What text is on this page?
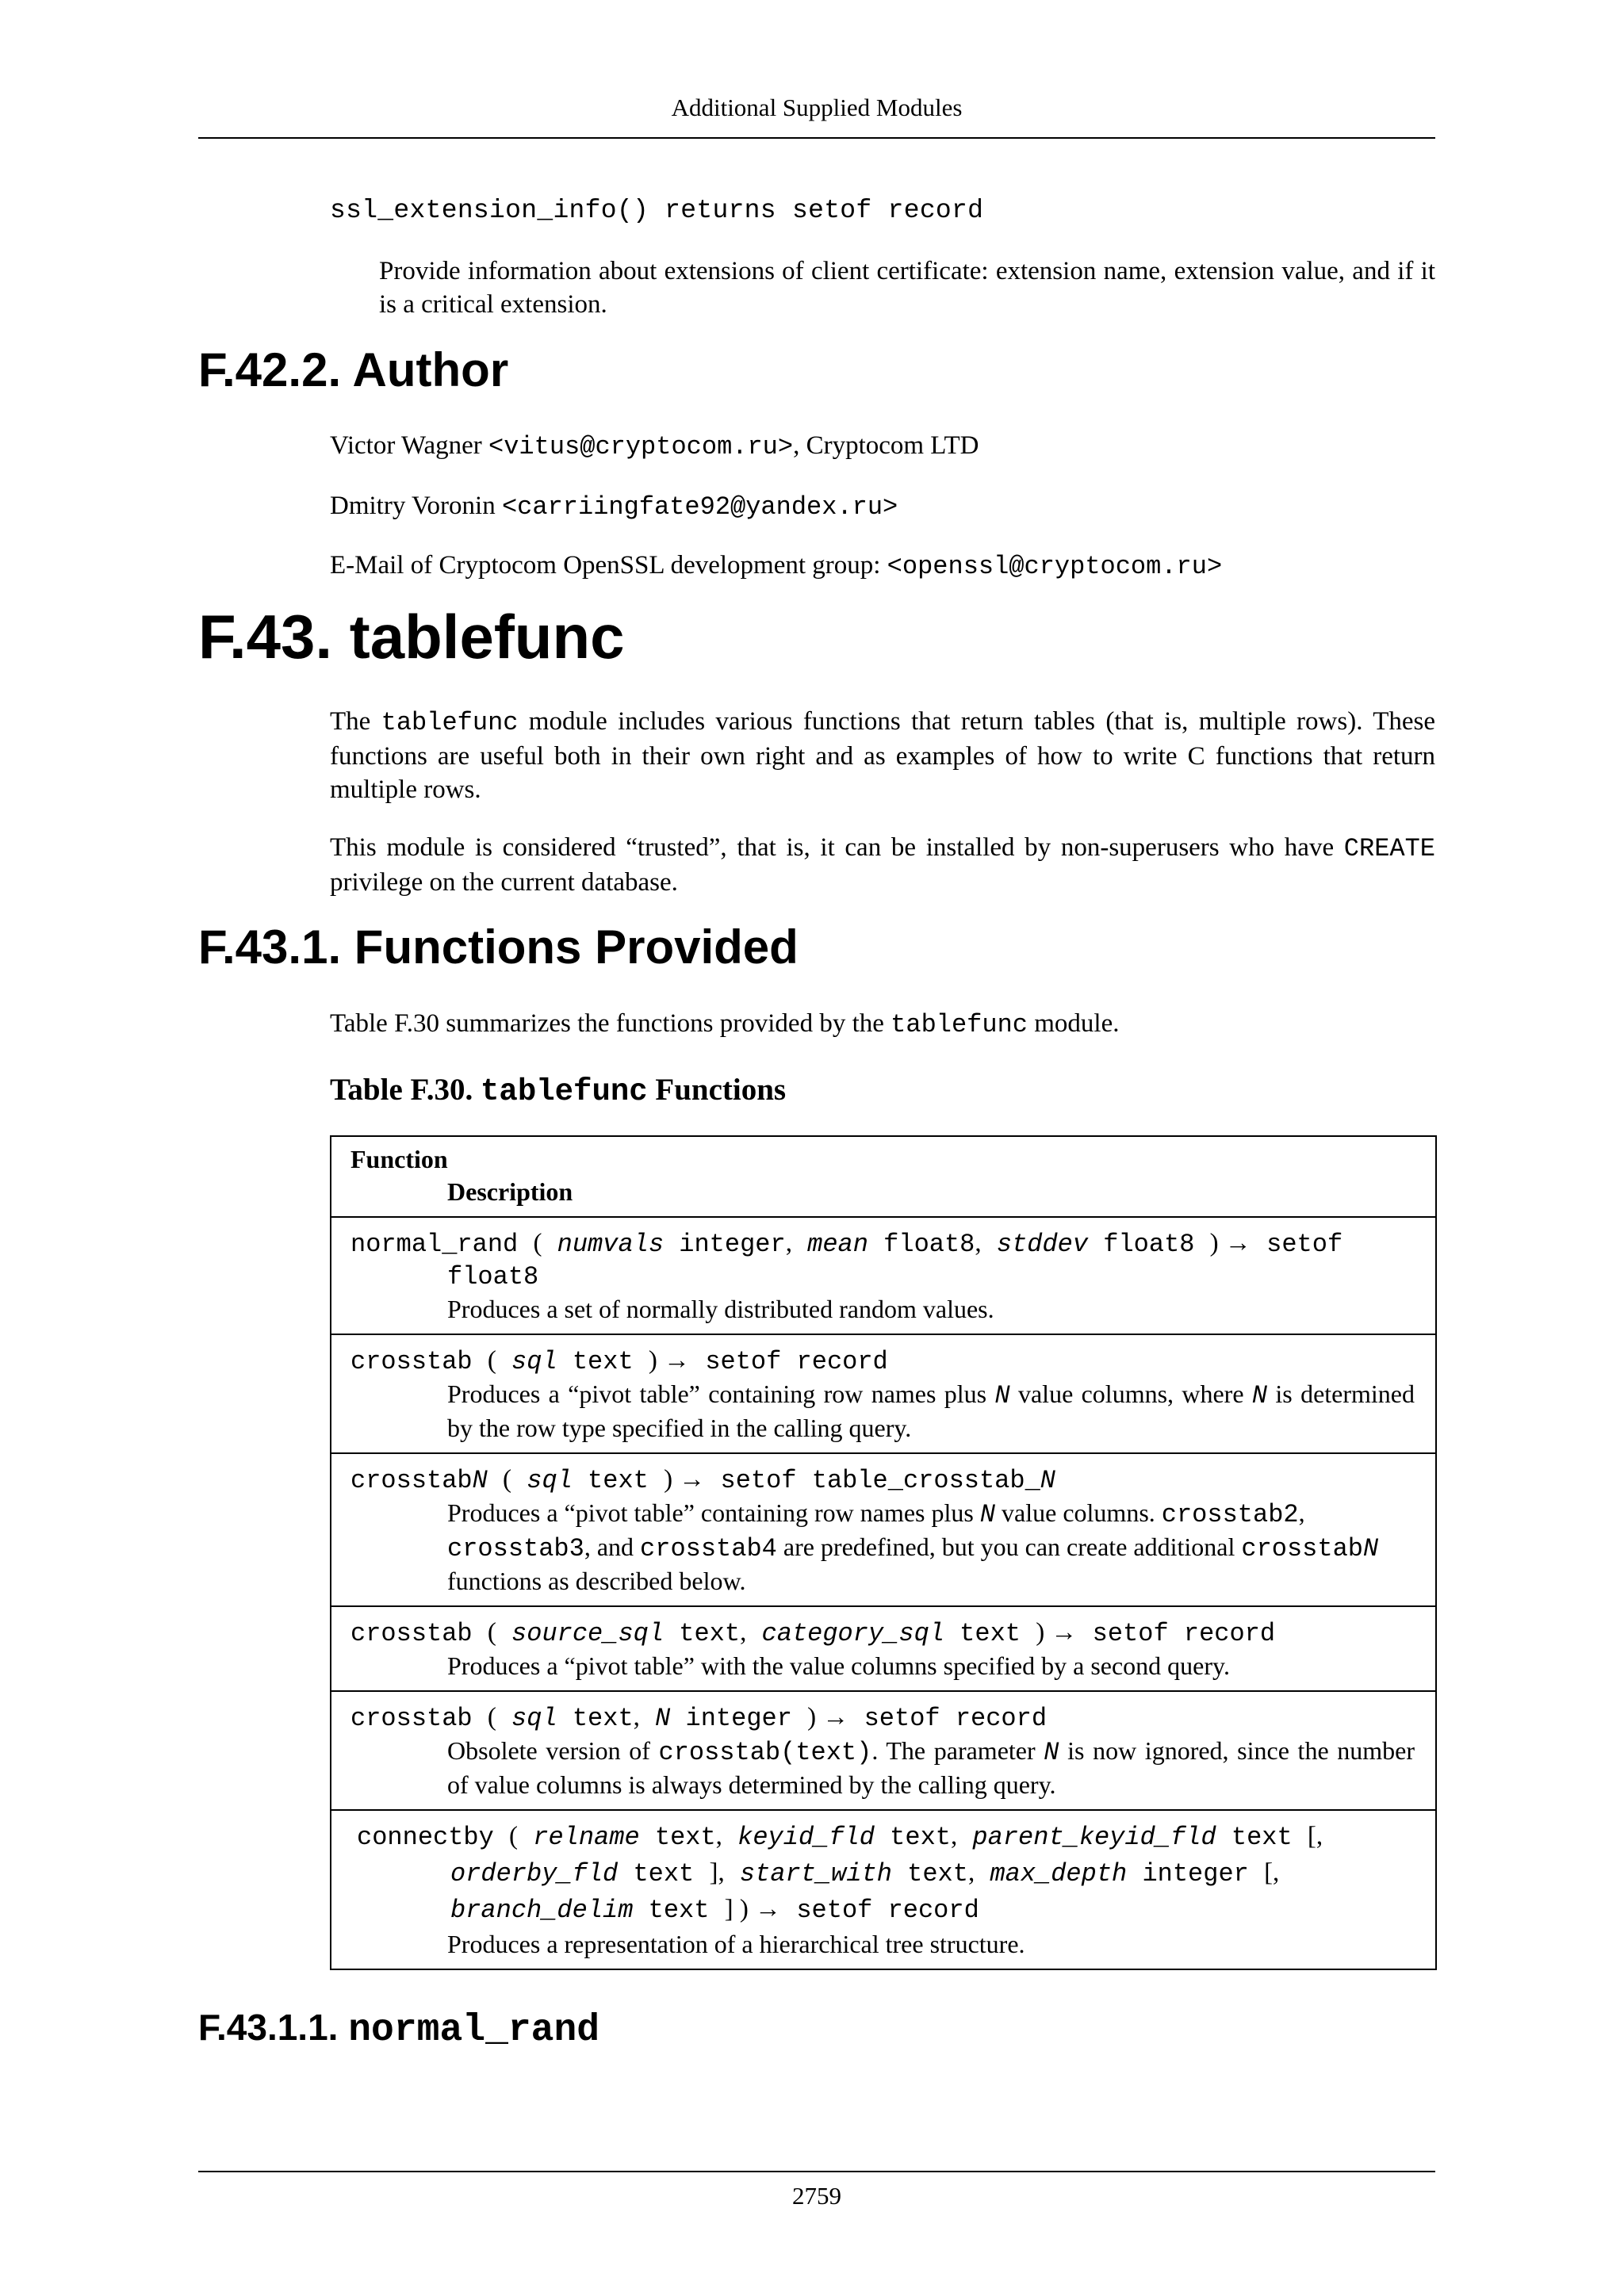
Additional Supplied Modules
ssl_extension_info() returns setof record
Provide information about extensions of client certificate: extension name, extension value, and if it is a critical extension.
F.42.2. Author
Victor Wagner <vitus@cryptocom.ru>, Cryptocom LTD
Dmitry Voronin <carriingfate92@yandex.ru>
E-Mail of Cryptocom OpenSSL development group: <openssl@cryptocom.ru>
F.43. tablefunc
The tablefunc module includes various functions that return tables (that is, multiple rows). These functions are useful both in their own right and as examples of how to write C functions that return multiple rows.
This module is considered “trusted”, that is, it can be installed by non-superusers who have CREATE privilege on the current database.
F.43.1. Functions Provided
Table F.30 summarizes the functions provided by the tablefunc module.
Table F.30. tablefunc Functions
Function
Description

normal_rand ( numvals integer, mean float8, stddev float8 ) → setof float8
Produces a set of normally distributed random values.

crosstab ( sql text ) → setof record
Produces a “pivot table” containing row names plus N value columns, where N is determined by the row type specified in the calling query.

crosstabN ( sql text ) → setof table_crosstab_N
Produces a “pivot table” containing row names plus N value columns. crosstab2, crosstab3, and crosstab4 are predefined, but you can create additional crosstabN functions as described below.

crosstab ( source_sql text, category_sql text ) → setof record
Produces a “pivot table” with the value columns specified by a second query.

crosstab ( sql text, N integer ) → setof record
Obsolete version of crosstab(text). The parameter N is now ignored, since the number of value columns is always determined by the calling query.

connectby ( relname text, keyid_fld text, parent_keyid_fld text [, orderby_fld text ], start_with text, max_depth integer [, branch_delim text ] ) → setof record
Produces a representation of a hierarchical tree structure.
F.43.1.1. normal_rand
2759
